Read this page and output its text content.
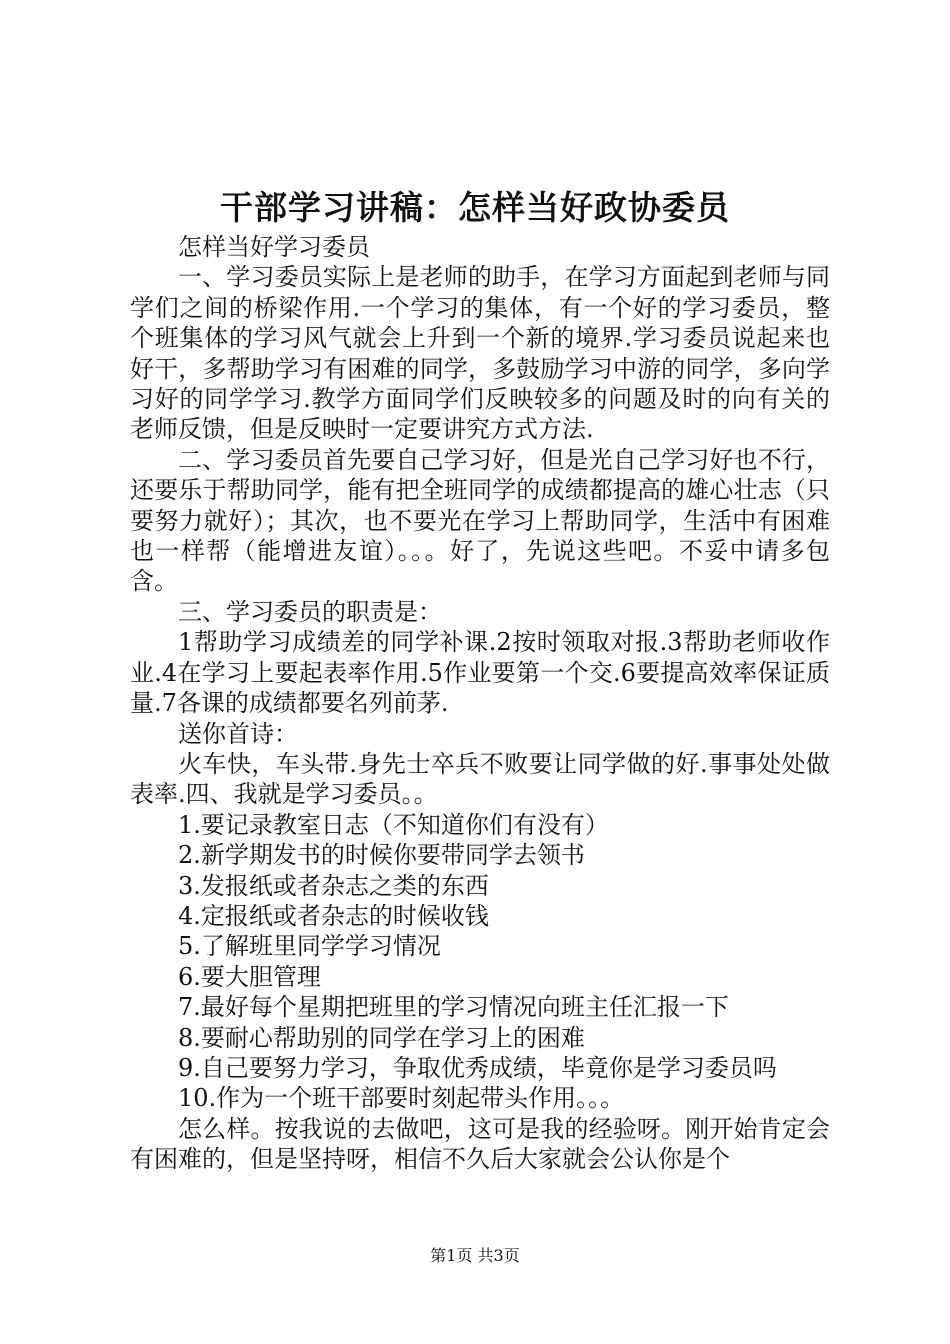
干部学习讲稿：怎样当好政协委员

怎样当好学习委员

一、学习委员实际上是老师的助手，在学习方面起到老师与同学们之间的桥梁作用.一个学习的集体，有一个好的学习委员，整个班集体的学习风气就会上升到一个新的境界.学习委员说起来也好干，多帮助学习有困难的同学，多鼓励学习中游的同学，多向学习好的同学学习.教学方面同学们反映较多的问题及时的向有关的老师反馈，但是反映时一定要讲究方式方法.

二、学习委员首先要自己学习好，但是光自己学习好也不行，还要乐于帮助同学，能有把全班同学的成绩都提高的雄心壮志（只要努力就好）；其次，也不要光在学习上帮助同学，生活中有困难也一样帮（能增进友谊）。。。好了，先说这些吧。不妥中请多包含。

三、学习委员的职责是：

1帮助学习成绩差的同学补课.2按时领取对报.3帮助老师收作业.4在学习上要起表率作用.5作业要第一个交.6要提高效率保证质量.7各课的成绩都要名列前茅.

送你首诗：

火车快，车头带.身先士卒兵不败要让同学做的好.事事处处做表率.四、我就是学习委员。。

1.要记录教室日志（不知道你们有没有）

2.新学期发书的时候你要带同学去领书

3.发报纸或者杂志之类的东西

4.定报纸或者杂志的时候收钱

5.了解班里同学学习情况

6.要大胆管理

7.最好每个星期把班里的学习情况向班主任汇报一下

8.要耐心帮助别的同学在学习上的困难

9.自己要努力学习，争取优秀成绩，毕竟你是学习委员吗

10.作为一个班干部要时刻起带头作用。。。

怎么样。按我说的去做吧，这可是我的经验呀。刚开始肯定会有困难的，但是坚持呀，相信不久后大家就会公认你是个

第1页 共3页
